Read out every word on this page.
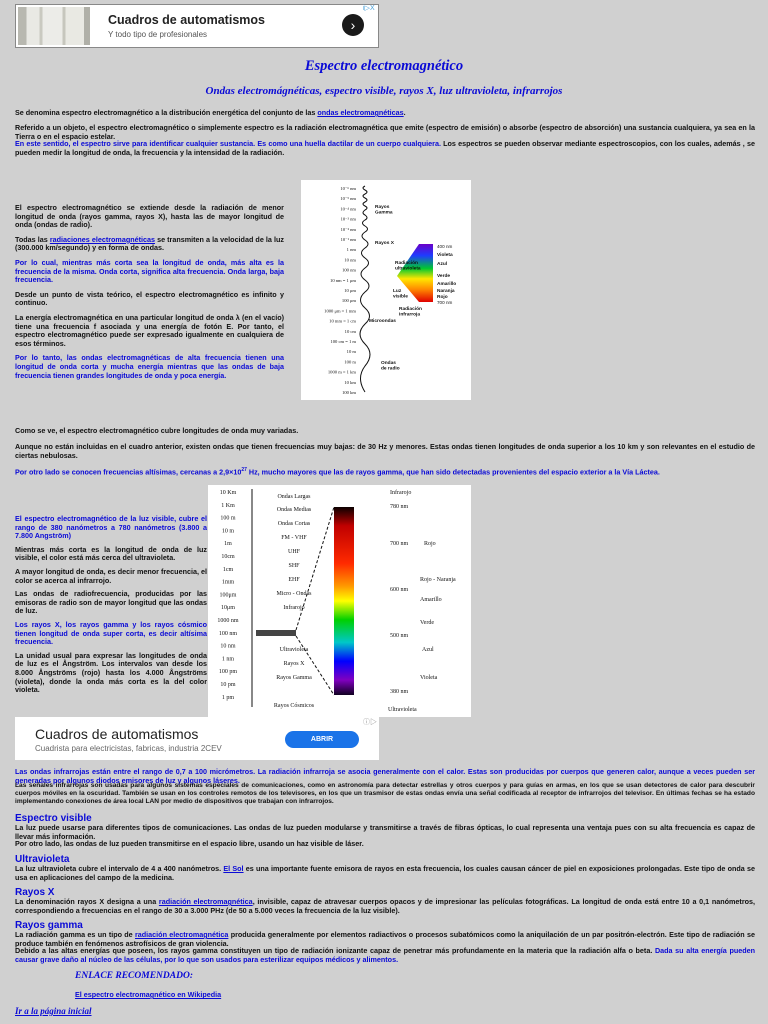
Cuadros de automatismos
Y todo tipo de profesionales
›
i▷X
Espectro electromagnético
Ondas electromágnéticas, espectro visible, rayos X, luz ultravioleta, infrarrojos

Se denomina espectro electromagnético a la distribución energética del conjunto de las ondas electromagnéticas.

Referido a un objeto, el espectro electromagnético o simplemente espectro es la radiación electromagnética que emite (espectro de emisión) o absorbe (espectro de absorción) una sustancia cualquiera, ya sea en la Tierra o en el espacio estelar.

En este sentido, el espectro sirve para identificar cualquier sustancia. Es como una huella dactilar de un cuerpo cualquiera. Los espectros se pueden observar mediante espectroscopios, con los cuales, además , se pueden medir la longitud de onda, la frecuencia y la intensidad de la radiación.

El espectro electromagnético se extiende desde la radiación de menor longitud de onda (rayos gamma, rayos X), hasta las de mayor longitud de onda (ondas de radio).

Todas las radiaciones electromagnéticas se transmiten a la velocidad de la luz (300.000 km/segundo) y en forma de ondas.

Por lo cual, mientras más corta sea la longitud de onda, más alta es la frecuencia de la misma. Onda corta, significa alta frecuencia. Onda larga, baja frecuencia.

Desde un punto de vista teórico, el espectro electromagnético es infinito y continuo.

La energía electromagnética en una particular longitud de onda λ (en el vacío) tiene una frecuencia f asociada y una energía de fotón E. Por tanto, el espectro electromagnético puede ser expresado igualmente en cualquiera de esos términos.

Por lo tanto, las ondas electromagnéticas de alta frecuencia tienen una longitud de onda corta y mucha energía mientras que las ondas de baja frecuencia tienen grandes longitudes de onda y poca energía.

10⁻⁶ nm
10⁻⁵ nm
10⁻⁴ nm
10⁻³ nm
10⁻² nm
10⁻¹ nm
1 nm
10 nm
100 nm
10 nm = 1 μm
10 μm
100 μm
1000 μm = 1 mm
10 mm = 1 cm
10 cm
100 cm = 1 m
10 m
100 m
1000 m = 1 km
10 km
100 km
Rayos
Gamma
Rayos X
Radiación
ultravioleta
Luz
visible
Radiación
infrarroja
Microondas
Ondas
de radio
400 nm
Violeta
Azul
Verde
Amarillo
Naranja
Rojo
700 nm

Como se ve, el espectro electromagnético cubre longitudes de onda muy variadas.

Aunque no están incluidas en el cuadro anterior, existen ondas que tienen frecuencias muy bajas: de 30 Hz y menores. Estas ondas tienen longitudes de onda superior a los 10 km y son relevantes en el estudio de ciertas nebulosas.

Por otro lado se conocen frecuencias altísimas, cercanas a $2,9\times 10^{27}$ Hz, mucho mayores que las de rayos gamma, que han sido detectadas provenientes del espacio exterior a la Vía Láctea.

El espectro electromagnético de la luz visible, cubre el rango de 380 nanómetros a 780 nanómetros (3.800 a 7.800 Angström)

Mientras más corta es la longitud de onda de luz visible, el color está más cerca del ultravioleta.

A mayor longitud de onda, es decir menor frecuencia, el color se acerca al infrarrojo.

Las ondas de radiofrecuencia, producidas por las emisoras de radio son de mayor longitud que las ondas de luz.

Los rayos X, los rayos gamma y los rayos cósmico tienen longitud de onda super corta, es decir altísima frecuencia.

La unidad usual para expresar las longitudes de onda de luz es el Ångström. Los intervalos van desde los 8.000 Ångströms (rojo) hasta los 4.000 Ångströms (violeta), donde la onda más corta es la del color violeta.

10 Km
1 Km
100 m
10 m
1m
10cm
1cm
1mm
100μm
10μm
1000 nm
100 nm
10 nm
1 nm
100 pm
10 pm
1 pm
Ondas Largas
Ondas Medias
Ondas Cortas
FM - VHF
UHF
SHF
EHF
Micro - Ondas
Infrarojo
Ultravioleta
Rayos X
Rayos Gamma
Rayos Cósmicos
Infrarojo
780 nm
700 nm	Rojo
Rojo - Naranja
600 nm
Amarillo
Verde
500 nm
Azul
Violeta
380 nm
Ultravioleta
Cuadros de automatismos
Cuadrista para electricistas, fabricas, industria 2CEV
ABRIR
ⓘ▷

Las ondas infrarrojas están entre el rango de 0,7 a 100 micrómetros. La radiación infrarroja se asocia generalmente con el calor. Estas son producidas por cuerpos que generen calor, aunque a veces pueden ser generadas por algunos diodos emisores de luz y algunos láseres.

Las señales infrarrojas son usadas para algunos sistemas especiales de comunicaciones, como en astronomía para detectar estrellas y otros cuerpos y para guías en armas, en los que se usan detectores de calor para descubrir cuerpos móviles en la oscuridad. También se usan en los controles remotos de los televisores, en los que un trasmisor de estas ondas envía una señal codificada al receptor de infrarrojos del televisor. En últimas fechas se ha estado implementando conexiones de área local LAN por medio de dispositivos que trabajan con infrarrojos.

Espectro visible

La luz puede usarse para diferentes tipos de comunicaciones. Las ondas de luz pueden modularse y transmitirse a través de fibras ópticas, lo cual representa una ventaja pues con su alta frecuencia es capaz de llevar más información.

Por otro lado, las ondas de luz pueden transmitirse en el espacio libre, usando un haz visible de láser.

Ultravioleta

La luz ultravioleta cubre el intervalo de 4 a 400 nanómetros. El Sol es una importante fuente emisora de rayos en esta frecuencia, los cuales causan cáncer de piel en exposiciones prolongadas. Este tipo de onda se usa en aplicaciones del campo de la medicina.

Rayos X

La denominación rayos X designa a una radiación electromagnética, invisible, capaz de atravesar cuerpos opacos y de impresionar las películas fotográficas. La longitud de onda está entre 10 a 0,1 nanómetros, correspondiendo a frecuencias en el rango de 30 a 3.000 PHz (de 50 a 5.000 veces la frecuencia de la luz visible).

Rayos gamma

La radiación gamma es un tipo de radiación electromagnética producida generalmente por elementos radiactivos o procesos subatómicos como la aniquilación de un par positrón-electrón. Este tipo de radiación se produce también en fenómenos astrofísicos de gran violencia.

Debido a las altas energías que poseen, los rayos gamma constituyen un tipo de radiación ionizante capaz de penetrar más profundamente en la materia que la radiación alfa o beta. Dada su alta energía pueden causar grave daño al núcleo de las células, por lo que son usados para esterilizar equipos médicos y alimentos.

ENLACE RECOMENDADO:
El espectro electromagnético en Wikipedia
Ir a la página inicial
